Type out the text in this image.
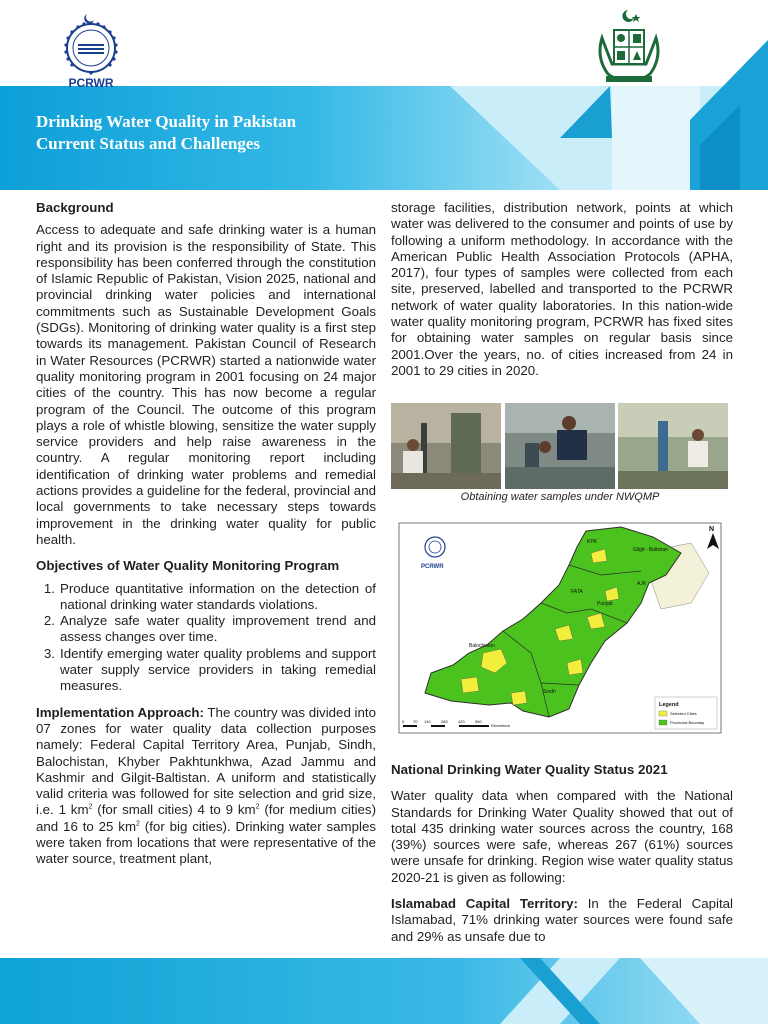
PCRWR
Drinking Water Quality in Pakistan
Current Status and Challenges
Background

Access to adequate and safe drinking water is a human right and its provision is the responsibility of State. This responsibility has been conferred through the constitution of Islamic Republic of Pakistan, Vision 2025, national and provincial drinking water policies and international commitments such as Sustainable Development Goals (SDGs). Monitoring of drinking water quality is a first step towards its management. Pakistan Council of Research in Water Resources (PCRWR) started a nationwide water quality monitoring program in 2001 focusing on 24 major cities of the country. This has now become a regular program of the Council. The outcome of this program plays a role of whistle blowing, sensitize the water supply service providers and help raise awareness in the country. A regular monitoring report including identification of drinking water problems and remedial actions provides a guideline for the federal, provincial and local governments to take necessary steps towards improvement in the drinking water quality for public health.

Objectives of Water Quality Monitoring Program
1. Produce quantitative information on the detection of national drinking water standards violations.
2. Analyze safe water quality improvement trend and assess changes over time.
3. Identify emerging water quality problems and support water supply service providers in taking remedial measures.

Implementation Approach: The country was divided into 07 zones for water quality data collection purposes namely: Federal Capital Territory Area, Punjab, Sindh, Balochistan, Khyber Pakhtunkhwa, Azad Jammu and Kashmir and Gilgit-Baltistan. A uniform and statistically valid criteria was followed for site selection and grid size, i.e. 1 $km^2$ (for small cities) 4 to 9 $km^2$ (for medium cities) and 16 to 25 $km^2$ (for big cities). Drinking water samples were taken from locations that were representative of the water source, treatment plant,

storage facilities, distribution network, points at which water was delivered to the consumer and points of use by following a uniform methodology. In accordance with the American Public Health Association Protocols (APHA, 2017), four types of samples were collected from each site, preserved, labelled and transported to the PCRWR network of water quality laboratories. In this nation-wide water quality monitoring program, PCRWR has fixed sites for obtaining water samples on regular basis since 2001.Over the years, no. of cities increased from 24 in 2001 to 29 cities in 2020.

Obtaining water samples under NWQMP
Gilgit - Baltistan
KPK
FATA
Punjab
Balochistan
Sindh
AJK
PCRWR
N
Legend
Selected Cities
Provincial Bounday
0 70 140	280	420	560
Kilometers
National Drinking Water Quality Status 2021

Water quality data when compared with the National Standards for Drinking Water Quality showed that out of total 435 drinking water sources across the country, 168 (39%) sources were safe, whereas 267 (61%) sources were unsafe for drinking. Region wise water quality status 2020-21 is given as following:

Islamabad Capital Territory: In the Federal Capital Islamabad, 71% drinking water sources were found safe and 29% as unsafe due to
